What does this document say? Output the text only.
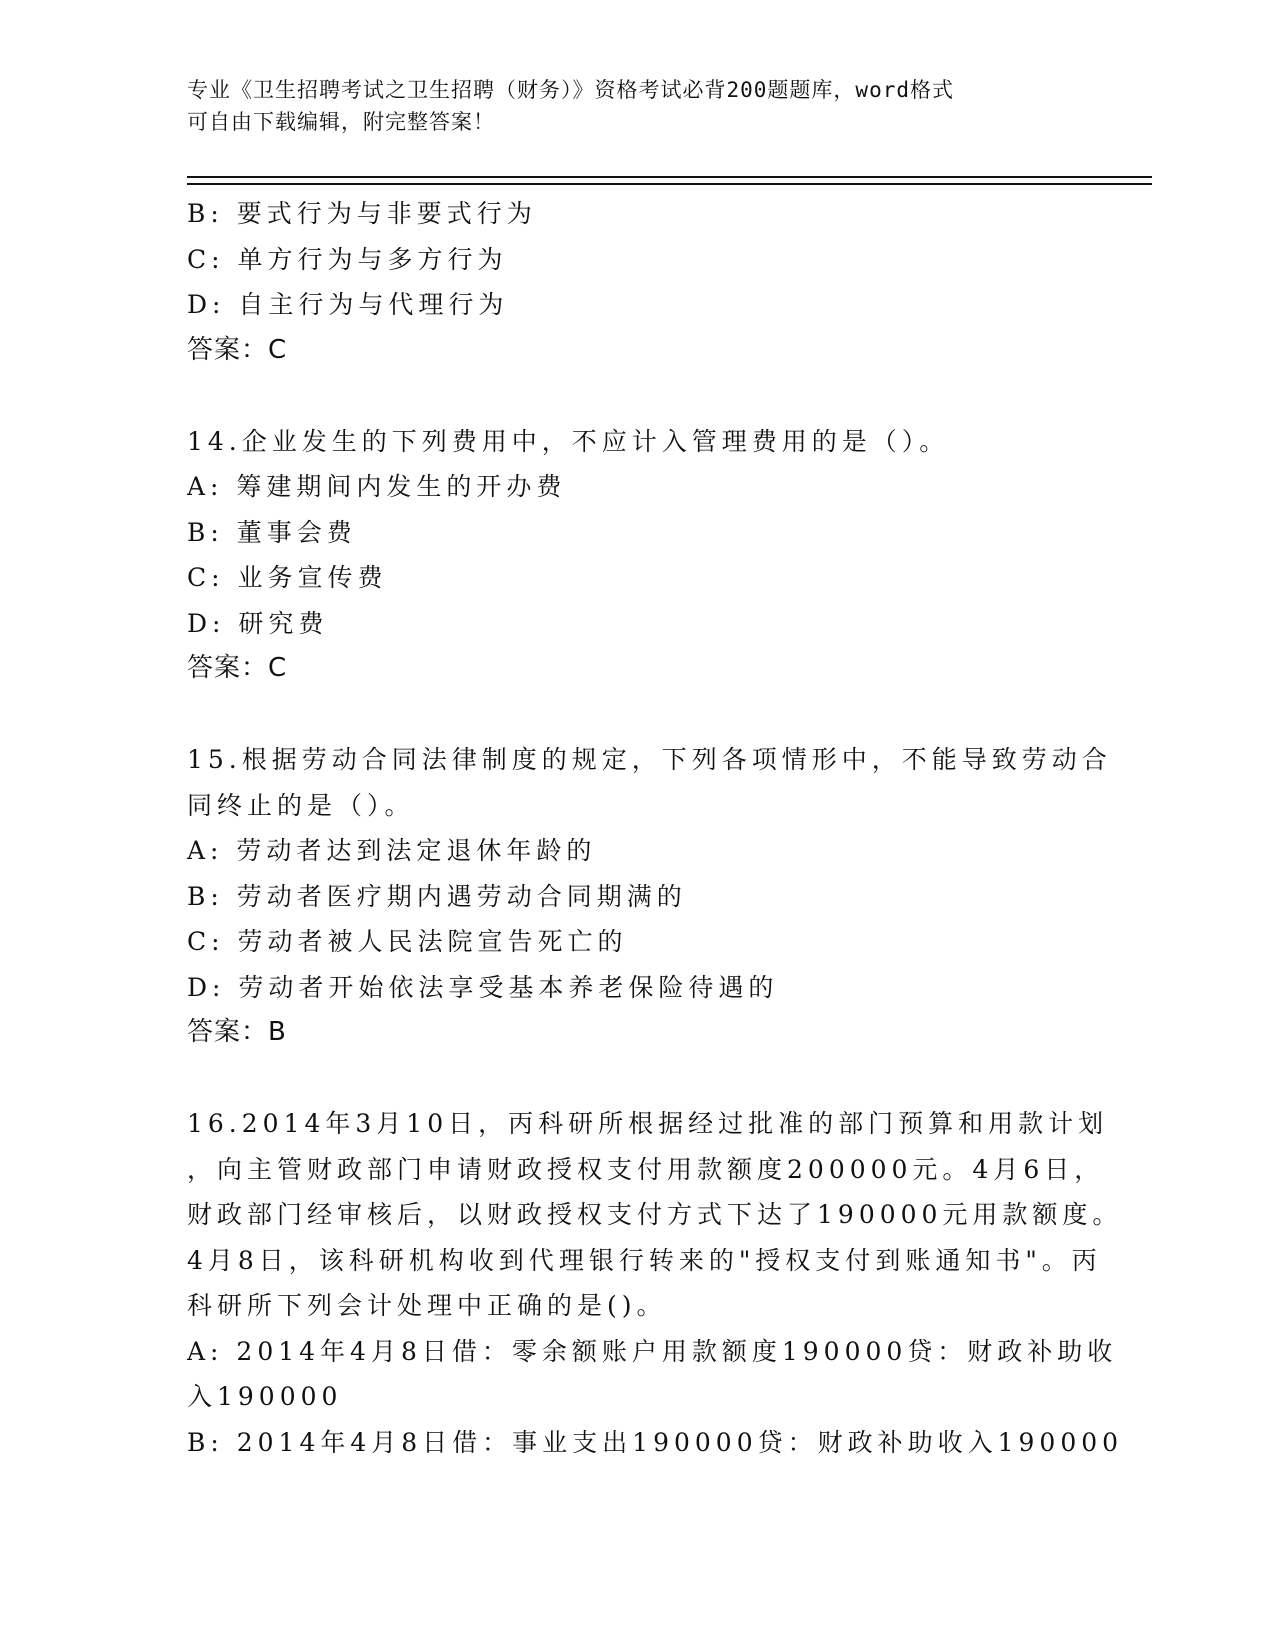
专业《卫生招聘考试之卫生招聘（财务）》资格考试必背200题题库，word格式
可自由下载编辑，附完整答案！
B: 要式行为与非要式行为
C: 单方行为与多方行为
D: 自主行为与代理行为
答案：C
14.企业发生的下列费用中，不应计入管理费用的是（）。
A: 筹建期间内发生的开办费
B: 董事会费
C: 业务宣传费
D: 研究费
答案：C
15.根据劳动合同法律制度的规定，下列各项情形中，不能导致劳动合
同终止的是（）。
A: 劳动者达到法定退休年龄的
B: 劳动者医疗期内遇劳动合同期满的
C: 劳动者被人民法院宣告死亡的
D: 劳动者开始依法享受基本养老保险待遇的
答案：B
16.2014年3月10日，丙科研所根据经过批准的部门预算和用款计划
，向主管财政部门申请财政授权支付用款额度200000元。4月6日，
财政部门经审核后，以财政授权支付方式下达了190000元用款额度。
4月8日，该科研机构收到代理银行转来的"授权支付到账通知书"。丙
科研所下列会计处理中正确的是()。
A: 2014年4月8日借：零余额账户用款额度190000贷：财政补助收
入190000
B: 2014年4月8日借：事业支出190000贷：财政补助收入190000
